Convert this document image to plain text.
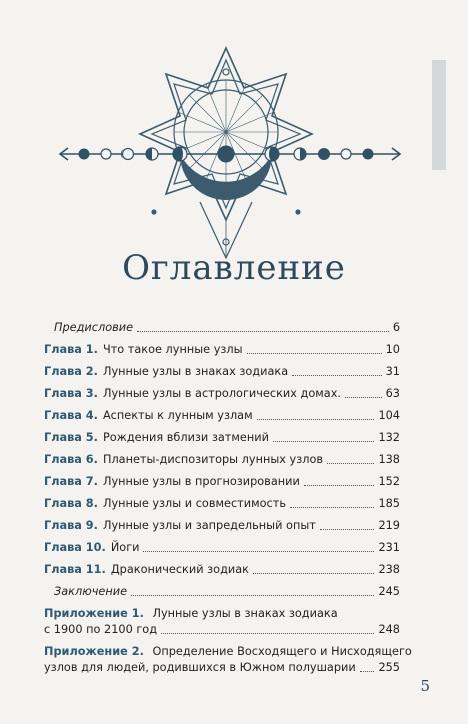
Оглавление
Предисловие	6
Глава 1. Что такое лунные узлы	10
Глава 2. Лунные узлы в знаках зодиака	31
Глава 3. Лунные узлы в астрологических домах.	63
Глава 4. Аспекты к лунным узлам	104
Глава 5. Рождения вблизи затмений	132
Глава 6. Планеты-диспозиторы лунных узлов	138
Глава 7. Лунные узлы в прогнозировании	152
Глава 8. Лунные узлы и совместимость	185
Глава 9. Лунные узлы и запредельный опыт	219
Глава 10. Йоги	231
Глава 11. Драконический зодиак	238
Заключение	245
Приложение 1. Лунные узлы в знаках зодиака
с 1900 по 2100 год	248
Приложение 2. Определение Восходящего и Нисходящего
узлов для людей, родившихся в Южном полушарии 255
5
